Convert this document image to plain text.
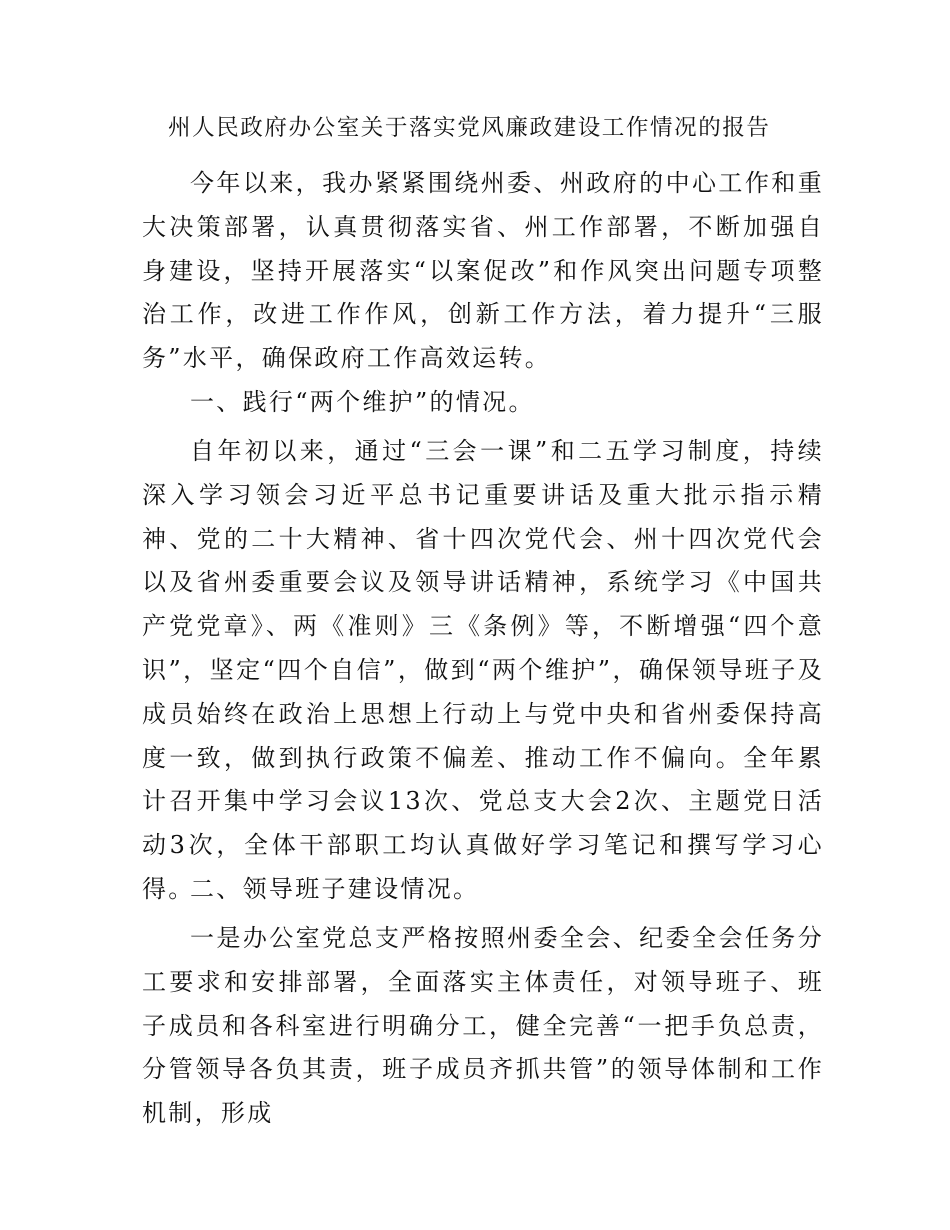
州人民政府办公室关于落实党风廉政建设工作情况的报告

今年以来，我办紧紧围绕州委、州政府的中心工作和重大决策部署，认真贯彻落实省、州工作部署，不断加强自身建设，坚持开展落实“以案促改”和作风突出问题专项整治工作，改进工作作风，创新工作方法，着力提升“三服务”水平，确保政府工作高效运转。

一、践行“两个维护”的情况。

自年初以来，通过“三会一课”和二五学习制度，持续深入学习领会习近平总书记重要讲话及重大批示指示精神、党的二十大精神、省十四次党代会、州十四次党代会以及省州委重要会议及领导讲话精神，系统学习《中国共产党党章》、两《准则》三《条例》等，不断增强“四个意识”，坚定“四个自信”，做到“两个维护”，确保领导班子及成员始终在政治上思想上行动上与党中央和省州委保持高度一致，做到执行政策不偏差、推动工作不偏向。全年累计召开集中学习会议13次、党总支大会2次、主题党日活动3次，全体干部职工均认真做好学习笔记和撰写学习心得。

二、领导班子建设情况。

一是办公室党总支严格按照州委全会、纪委全会任务分工要求和安排部署，全面落实主体责任，对领导班子、班子成员和各科室进行明确分工，健全完善“一把手负总责，分管领导各负其责，班子成员齐抓共管”的领导体制和工作机制，形成
